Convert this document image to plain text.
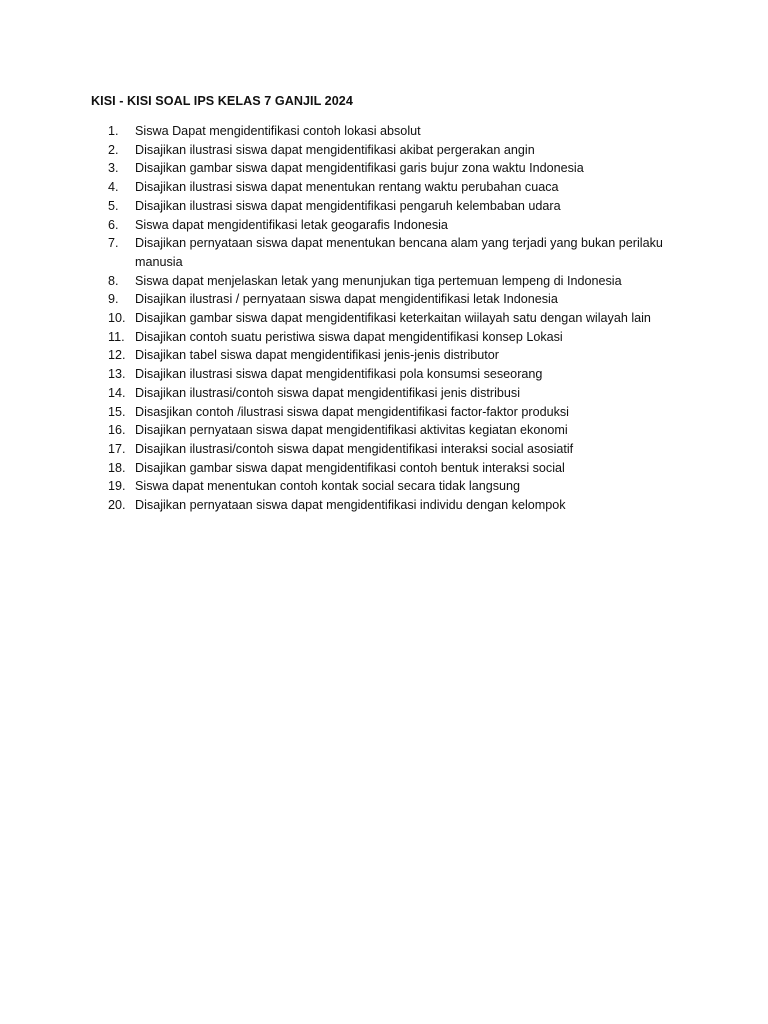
KISI - KISI SOAL IPS KELAS 7 GANJIL 2024
1.	Siswa Dapat mengidentifikasi contoh lokasi absolut
2.	Disajikan ilustrasi siswa dapat mengidentifikasi akibat pergerakan angin
3.	Disajikan gambar siswa dapat mengidentifikasi garis bujur zona waktu Indonesia
4.	Disajikan ilustrasi siswa dapat menentukan rentang waktu perubahan cuaca
5.	Disajikan ilustrasi siswa dapat mengidentifikasi pengaruh kelembaban udara
6.	Siswa dapat mengidentifikasi letak geogarafis Indonesia
7.	Disajikan pernyataan siswa dapat menentukan bencana alam yang terjadi yang bukan perilaku manusia
8.	Siswa dapat menjelaskan letak yang menunjukan tiga pertemuan lempeng di Indonesia
9.	Disajikan ilustrasi / pernyataan siswa dapat mengidentifikasi letak Indonesia
10. Disajikan gambar siswa dapat mengidentifikasi keterkaitan wiilayah satu dengan wilayah lain
11. Disajikan contoh suatu peristiwa siswa dapat mengidentifikasi konsep Lokasi
12. Disajikan tabel siswa dapat mengidentifikasi jenis-jenis distributor
13. Disajikan ilustrasi siswa dapat mengidentifikasi pola konsumsi seseorang
14. Disajikan ilustrasi/contoh siswa dapat mengidentifikasi jenis distribusi
15. Disasjikan contoh /ilustrasi siswa dapat mengidentifikasi factor-faktor produksi
16. Disajikan pernyataan siswa dapat mengidentifikasi aktivitas kegiatan ekonomi
17. Disajikan ilustrasi/contoh siswa dapat mengidentifikasi interaksi social asosiatif
18. Disajikan gambar siswa dapat mengidentifikasi contoh bentuk interaksi social
19. Siswa dapat menentukan contoh kontak social secara tidak langsung
20. Disajikan pernyataan siswa dapat mengidentifikasi individu dengan kelompok
